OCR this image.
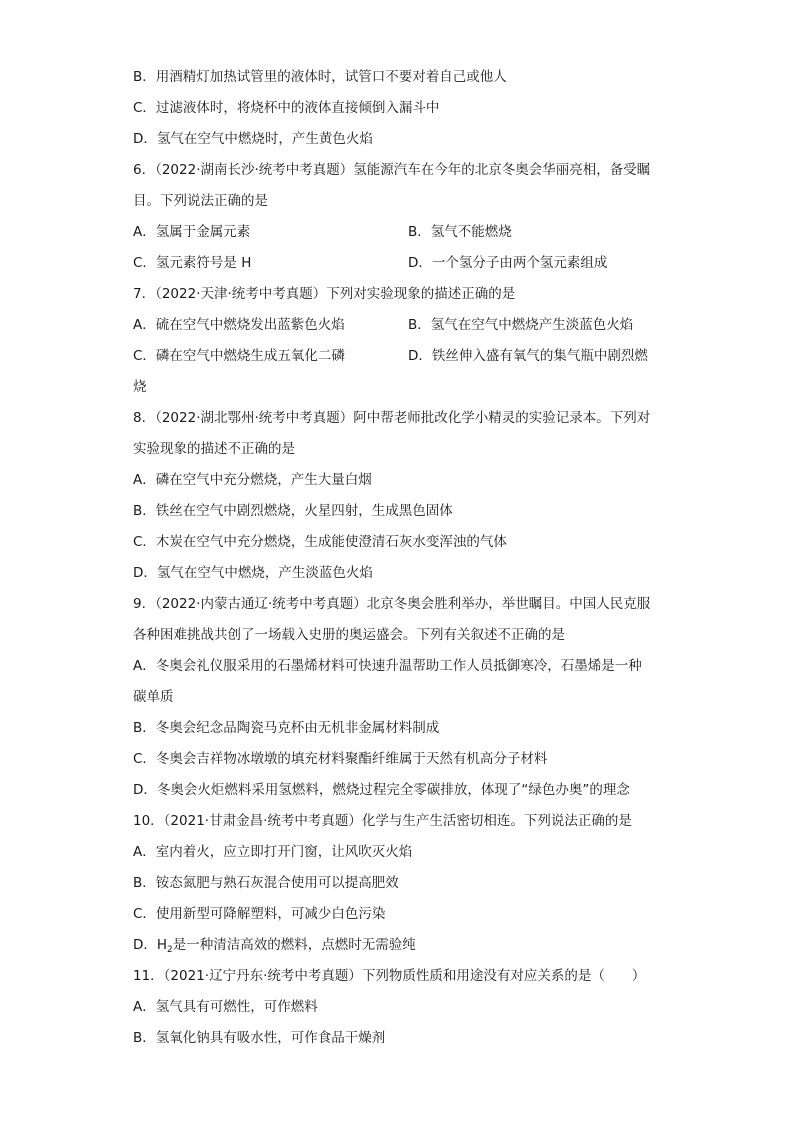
B．用酒精灯加热试管里的液体时，试管口不要对着自己或他人
C．过滤液体时，将烧杯中的液体直接倾倒入漏斗中
D．氢气在空气中燃烧时，产生黄色火焰
6．（2022·湖南长沙·统考中考真题）氢能源汽车在今年的北京冬奥会华丽亮相，备受瞩
目。下列说法正确的是
A．氢属于金属元素	B．氢气不能燃烧
C．氢元素符号是 H	D．一个氢分子由两个氢元素组成
7．（2022·天津·统考中考真题）下列对实验现象的描述正确的是
A．硫在空气中燃烧发出蓝紫色火焰	B．氢气在空气中燃烧产生淡蓝色火焰
C．磷在空气中燃烧生成五氧化二磷	D．铁丝伸入盛有氧气的集气瓶中剧烈燃
烧
8．（2022·湖北鄂州·统考中考真题）阿中帮老师批改化学小精灵的实验记录本。下列对
实验现象的描述不正确的是
A．磷在空气中充分燃烧，产生大量白烟
B．铁丝在空气中剧烈燃烧，火星四射，生成黑色固体
C．木炭在空气中充分燃烧，生成能使澄清石灰水变浑浊的气体
D．氢气在空气中燃烧，产生淡蓝色火焰
9．（2022·内蒙古通辽·统考中考真题）北京冬奥会胜利举办，举世瞩目。中国人民克服
各种困难挑战共创了一场载入史册的奥运盛会。下列有关叙述不正确的是
A．冬奥会礼仪服采用的石墨烯材料可快速升温帮助工作人员抵御寒冷，石墨烯是一种
碳单质
B．冬奥会纪念品陶瓷马克杯由无机非金属材料制成
C．冬奥会吉祥物冰墩墩的填充材料聚酯纤维属于天然有机高分子材料
D．冬奥会火炬燃料采用氢燃料，燃烧过程完全零碳排放，体现了“绿色办奥”的理念
10．（2021·甘肃金昌·统考中考真题）化学与生产生活密切相连。下列说法正确的是
A．室内着火，应立即打开门窗，让风吹灭火焰
B．铵态氮肥与熟石灰混合使用可以提高肥效
C．使用新型可降解塑料，可减少白色污染
D．$H_2$是一种清洁高效的燃料，点燃时无需验纯
11．（2021·辽宁丹东·统考中考真题）下列物质性质和用途没有对应关系的是（　　）
A．氢气具有可燃性，可作燃料
B．氢氧化钠具有吸水性，可作食品干燥剂
